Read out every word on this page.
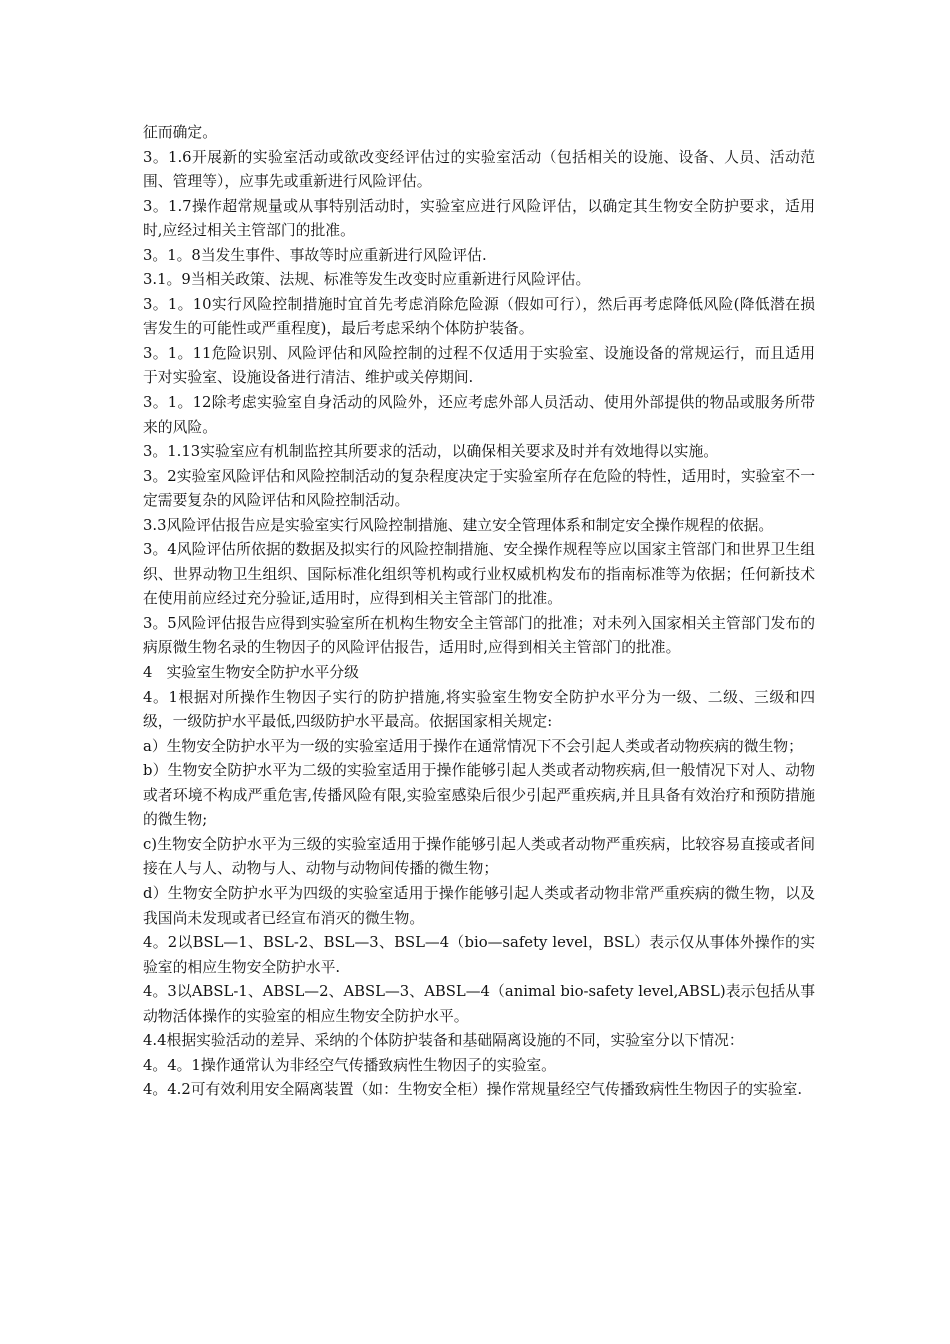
征而确定。

3。1.6开展新的实验室活动或欲改变经评估过的实验室活动（包括相关的设施、设备、人员、活动范围、管理等），应事先或重新进行风险评估。

3。1.7操作超常规量或从事特别活动时，实验室应进行风险评估，以确定其生物安全防护要求，适用时,应经过相关主管部门的批准。

3。1。8当发生事件、事故等时应重新进行风险评估.

3.1。9当相关政策、法规、标准等发生改变时应重新进行风险评估。

3。1。10实行风险控制措施时宜首先考虑消除危险源（假如可行），然后再考虑降低风险(降低潜在损害发生的可能性或严重程度)，最后考虑采纳个体防护装备。

3。1。11危险识别、风险评估和风险控制的过程不仅适用于实验室、设施设备的常规运行，而且适用于对实验室、设施设备进行清洁、维护或关停期间.

3。1。12除考虑实验室自身活动的风险外，还应考虑外部人员活动、使用外部提供的物品或服务所带来的风险。

3。1.13实验室应有机制监控其所要求的活动，以确保相关要求及时并有效地得以实施。

3。2实验室风险评估和风险控制活动的复杂程度决定于实验室所存在危险的特性，适用时，实验室不一定需要复杂的风险评估和风险控制活动。

3.3风险评估报告应是实验室实行风险控制措施、建立安全管理体系和制定安全操作规程的依据。

3。4风险评估所依据的数据及拟实行的风险控制措施、安全操作规程等应以国家主管部门和世界卫生组织、世界动物卫生组织、国际标准化组织等机构或行业权威机构发布的指南标准等为依据；任何新技术在使用前应经过充分验证,适用时，应得到相关主管部门的批准。

3。5风险评估报告应得到实验室所在机构生物安全主管部门的批准；对未列入国家相关主管部门发布的病原微生物名录的生物因子的风险评估报告，适用时,应得到相关主管部门的批准。

4   实验室生物安全防护水平分级

4。1根据对所操作生物因子实行的防护措施,将实验室生物安全防护水平分为一级、二级、三级和四级，一级防护水平最低,四级防护水平最高。依据国家相关规定:

a）生物安全防护水平为一级的实验室适用于操作在通常情况下不会引起人类或者动物疾病的微生物；

b）生物安全防护水平为二级的实验室适用于操作能够引起人类或者动物疾病,但一般情况下对人、动物或者环境不构成严重危害,传播风险有限,实验室感染后很少引起严重疾病,并且具备有效治疗和预防措施的微生物;

c)生物安全防护水平为三级的实验室适用于操作能够引起人类或者动物严重疾病，比较容易直接或者间接在人与人、动物与人、动物与动物间传播的微生物；

d）生物安全防护水平为四级的实验室适用于操作能够引起人类或者动物非常严重疾病的微生物，以及我国尚未发现或者已经宣布消灭的微生物。

4。2以BSL—1、BSL-2、BSL—3、BSL—4（bio—safety level，BSL）表示仅从事体外操作的实验室的相应生物安全防护水平.

4。3以ABSL-1、ABSL—2、ABSL—3、ABSL—4（animal bio-safety level,ABSL)表示包括从事动物活体操作的实验室的相应生物安全防护水平。

4.4根据实验活动的差异、采纳的个体防护装备和基础隔离设施的不同，实验室分以下情况：

4。4。1操作通常认为非经空气传播致病性生物因子的实验室。

4。4.2可有效利用安全隔离装置（如：生物安全柜）操作常规量经空气传播致病性生物因子的实验室.
